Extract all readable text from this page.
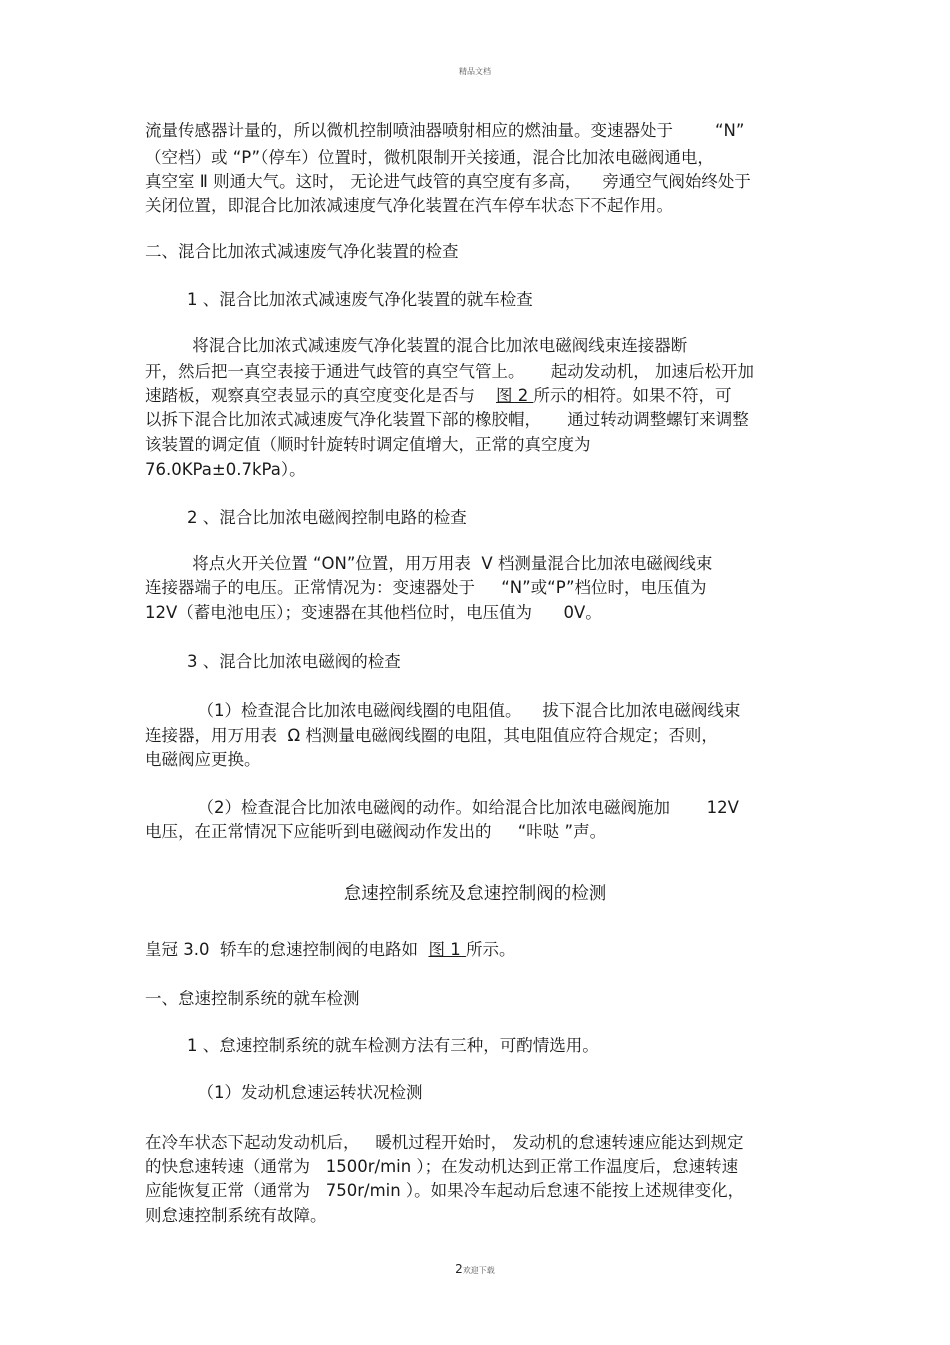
精品文档
流量传感器计量的，所以微机控制喷油器喷射相应的燃油量。变速器处于        “N”
（空档）或 “P”（停车）位置时，微机限制开关接通，混合比加浓电磁阀通电，
真空室 Ⅱ 则通大气。这时， 无论进气歧管的真空度有多高，    旁通空气阀始终处于
关闭位置，即混合比加浓减速度气净化装置在汽车停车状态下不起作用。
二、混合比加浓式减速废气净化装置的检查
1 、混合比加浓式减速废气净化装置的就车检查
将混合比加浓式减速废气净化装置的混合比加浓电磁阀线束连接器断
开，然后把一真空表接于通进气歧管的真空气管上。     起动发动机， 加速后松开加
速踏板，观察真空表显示的真空度变化是否与    图 2 所示的相符。如果不符，可
以拆下混合比加浓式减速废气净化装置下部的橡胶帽，     通过转动调整螺钉来调整
该装置的调定值（顺时针旋转时调定值增大，正常的真空度为
76.0KPa±0.7kPa）。
2 、混合比加浓电磁阀控制电路的检查
将点火开关位置 “ON”位置，用万用表  V 档测量混合比加浓电磁阀线束
连接器端子的电压。正常情况为：变速器处于     “N”或“P”档位时，电压值为
12V（蓄电池电压）；变速器在其他档位时，电压值为      0V。
3 、混合比加浓电磁阀的检查
（1）检查混合比加浓电磁阀线圈的电阻值。    拔下混合比加浓电磁阀线束
连接器，用万用表  Ω 档测量电磁阀线圈的电阻，其电阻值应符合规定；否则，
电磁阀应更换。
（2）检查混合比加浓电磁阀的动作。如给混合比加浓电磁阀施加       12V
电压，在正常情况下应能听到电磁阀动作发出的     “咔哒 ”声。
皇冠 3.0  轿车的怠速控制阀的电路如  图 1 所示。
一、怠速控制系统的就车检测
1 、怠速控制系统的就车检测方法有三种，可酌情选用。
（1）发动机怠速运转状况检测
在冷车状态下起动发动机后，   暖机过程开始时， 发动机的怠速转速应能达到规定
的快怠速转速（通常为   1500r/min ）；在发动机达到正常工作温度后，怠速转速
应能恢复正常（通常为   750r/min ）。如果冷车起动后怠速不能按上述规律变化，
则怠速控制系统有故障。
怠速控制系统及怠速控制阀的检测
2欢迎下载
